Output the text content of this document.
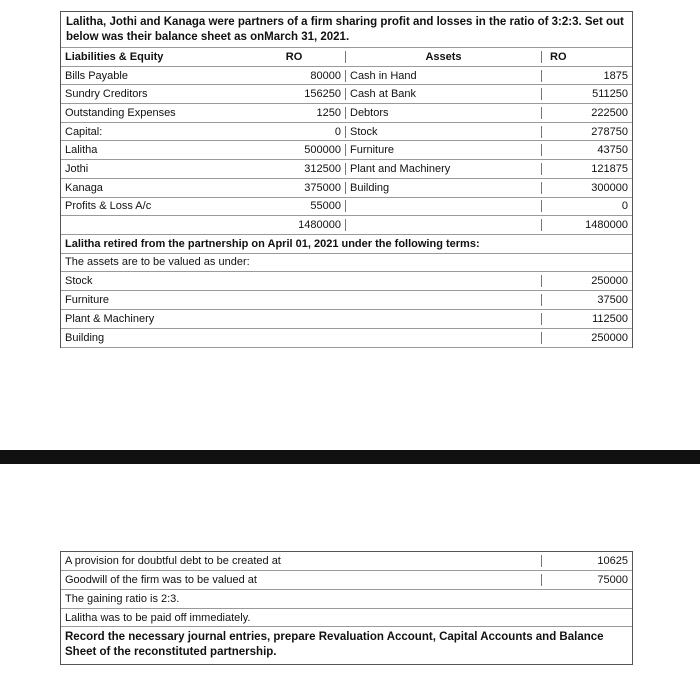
Lalitha, Jothi and Kanaga were partners of a firm sharing profit and losses in the ratio of 3:2:3. Set out below was their balance sheet as onMarch 31, 2021.
Liabilities & Equity	RO	Assets	RO
Bills Payable	80000 Cash in Hand	1875
Sundry Creditors	156250 Cash at Bank	511250
Outstanding Expenses	1250 Debtors	222500
Capital:	0 Stock	278750
Lalitha	500000 Furniture	43750
Jothi	312500 Plant and Machinery	121875
Kanaga	375000 Building	300000
Profits & Loss A/c	55000	0
1480000	1480000
Lalitha retired from the partnership on April 01, 2021 under the following terms:
The assets are to be valued as under:
Stock	250000
Furniture	37500
Plant & Machinery	112500
Building	250000
A provision for doubtful debt to be created at	10625
Goodwill of the firm was to be valued at	75000
The gaining ratio is 2:3.
Lalitha was to be paid off immediately.
Record the necessary journal entries, prepare Revaluation Account, Capital Accounts and Balance Sheet of the reconstituted partnership.
